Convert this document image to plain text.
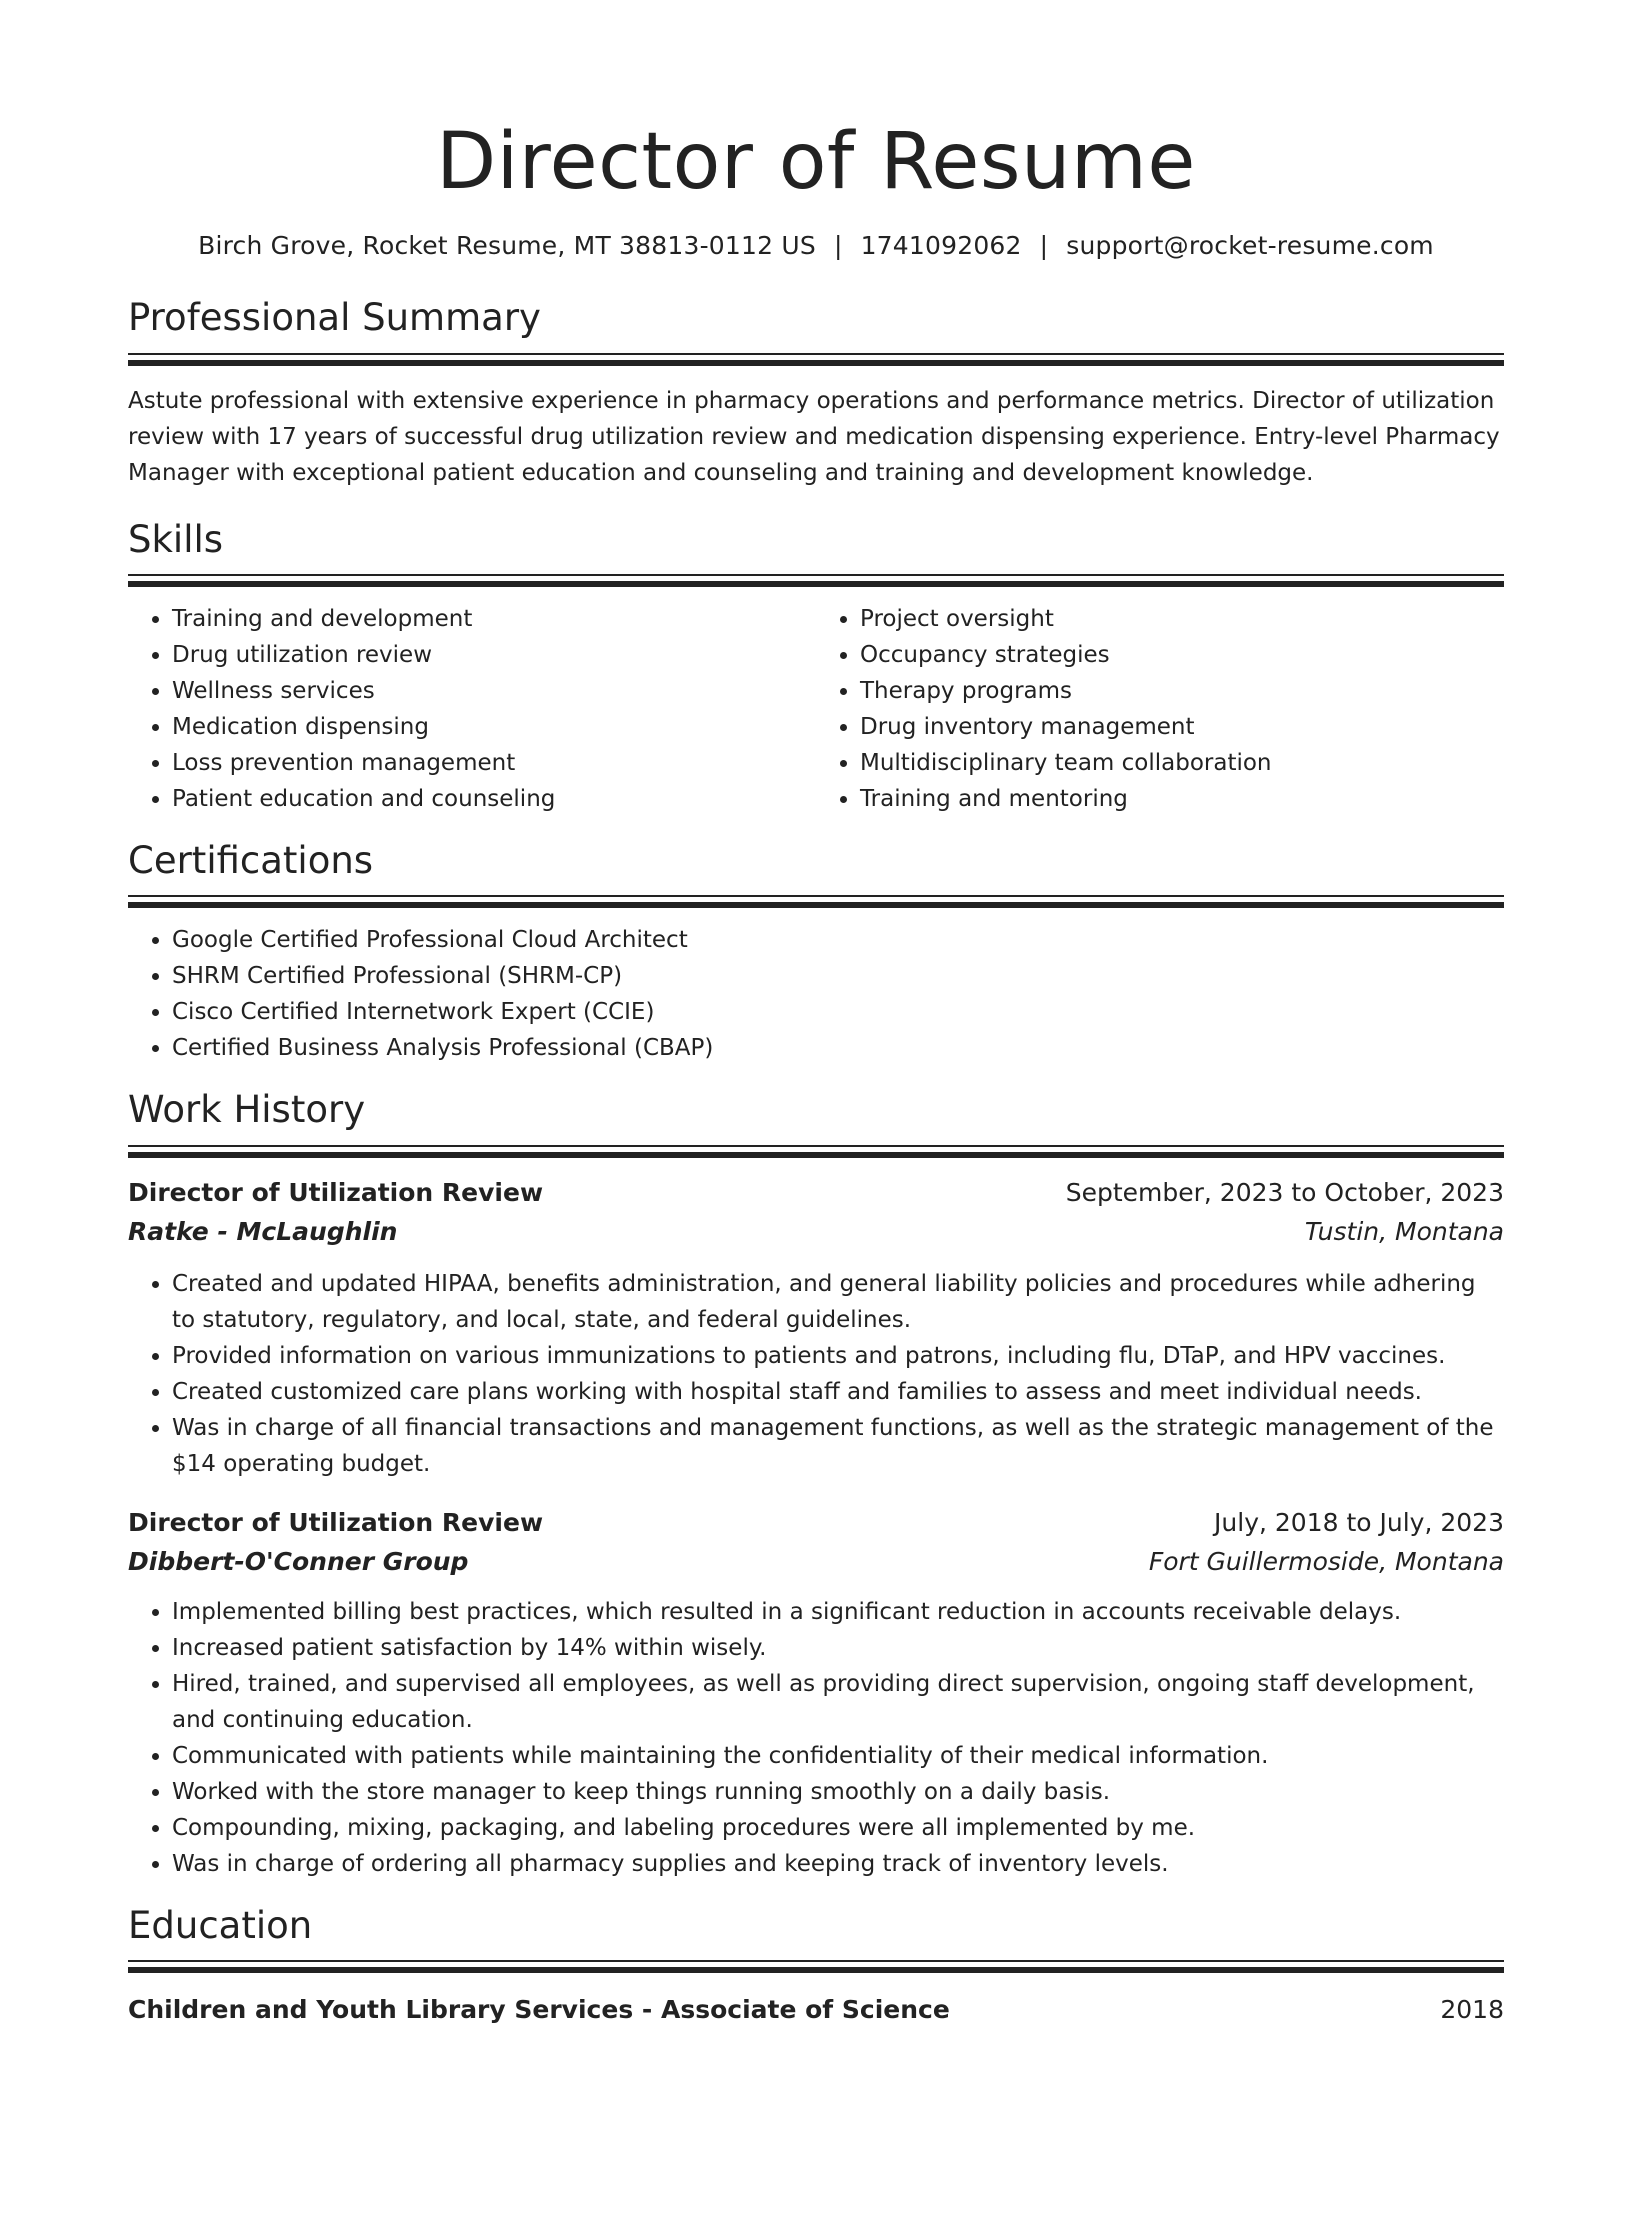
Director of Resume
Birch Grove, Rocket Resume, MT 38813-0112 US | 1741092062 | support@rocket-resume.com
Professional Summary

Astute professional with extensive experience in pharmacy operations and performance metrics. Director of utilization review with 17 years of successful drug utilization review and medication dispensing experience. Entry-level Pharmacy Manager with exceptional patient education and counseling and training and development knowledge.

Skills
• Training and development
• Drug utilization review
• Wellness services
• Medication dispensing
• Loss prevention management
• Patient education and counseling
• Project oversight
• Occupancy strategies
• Therapy programs
• Drug inventory management
• Multidisciplinary team collaboration
• Training and mentoring
Certifications
• Google Certified Professional Cloud Architect
• SHRM Certified Professional (SHRM-CP)
• Cisco Certified Internetwork Expert (CCIE)
• Certified Business Analysis Professional (CBAP)
Work History
Director of Utilization Review	September, 2023 to October, 2023
Ratke - McLaughlin	Tustin, Montana
• Created and updated HIPAA, benefits administration, and general liability policies and procedures while adhering to statutory, regulatory, and local, state, and federal guidelines.
• Provided information on various immunizations to patients and patrons, including flu, DTaP, and HPV vaccines.
• Created customized care plans working with hospital staff and families to assess and meet individual needs.
• Was in charge of all financial transactions and management functions, as well as the strategic management of the $14 operating budget.
Director of Utilization Review	July, 2018 to July, 2023
Dibbert-O'Conner Group	Fort Guillermoside, Montana
• Implemented billing best practices, which resulted in a significant reduction in accounts receivable delays.
• Increased patient satisfaction by 14% within wisely.
• Hired, trained, and supervised all employees, as well as providing direct supervision, ongoing staff development, and continuing education.
• Communicated with patients while maintaining the confidentiality of their medical information.
• Worked with the store manager to keep things running smoothly on a daily basis.
• Compounding, mixing, packaging, and labeling procedures were all implemented by me.
• Was in charge of ordering all pharmacy supplies and keeping track of inventory levels.
Education
Children and Youth Library Services - Associate of Science	2018
